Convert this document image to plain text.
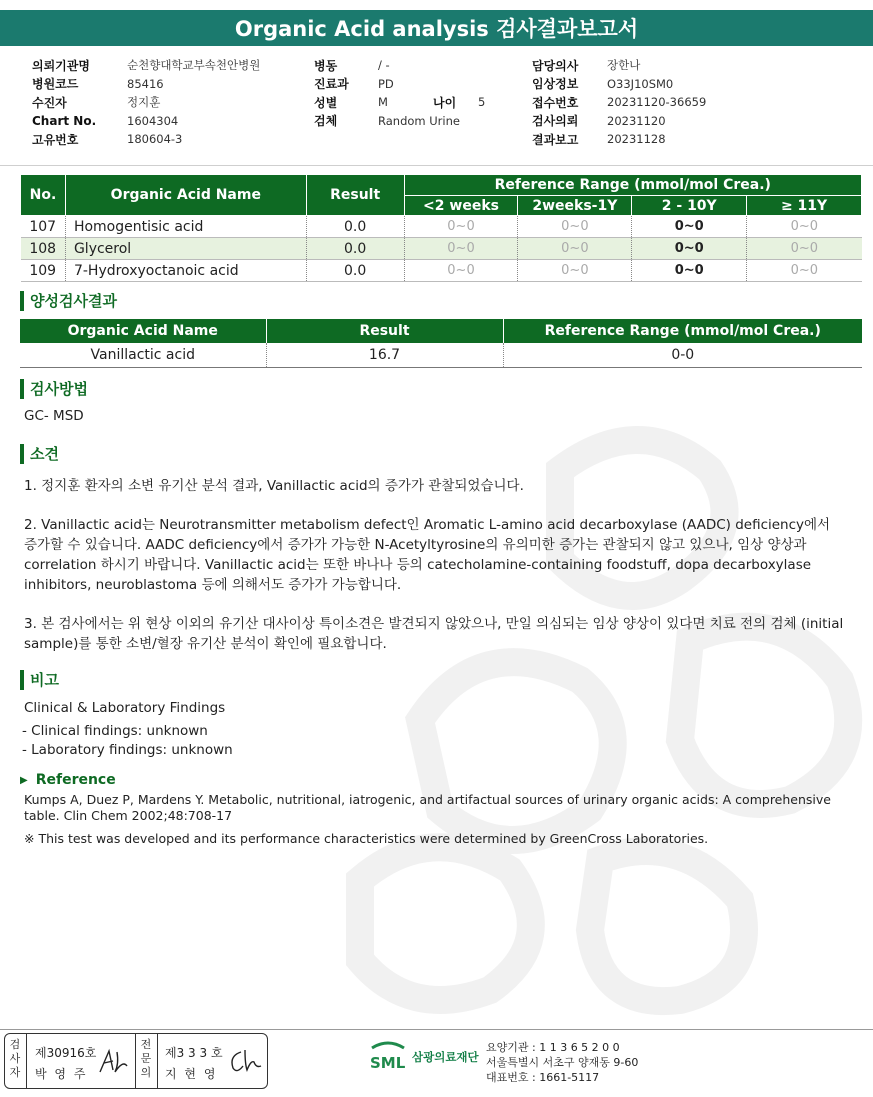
Organic Acid analysis 검사결과보고서
의뢰기관명	순천향대학교부속천안병원
병원코드	85416
수진자	정지훈
Chart No.	1604304
고유번호	180604-3
병동	/ -
진료과	PD
성별	M	나이	5
검체	Random Urine
담당의사	장한나
임상정보	O33J10SM0
접수번호	20231120-36659
검사의뢰	20231120
결과보고	20231128
No.	Organic Acid Name	Result	Reference Range (mmol/mol Crea.)			
			<2 weeks	2weeks-1Y	2 - 10Y	≥ 11Y
107	Homogentisic acid	0.0	0~0	0~0	0~0	0~0
108	Glycerol	0.0	0~0	0~0	0~0	0~0
109	7-Hydroxyoctanoic acid	0.0	0~0	0~0	0~0	0~0
양성검사결과
Organic Acid Name	Result	Reference Range (mmol/mol Crea.)
Vanillactic acid	16.7	0-0
검사방법
GC- MSD
소견
1. 정지훈 환자의 소변 유기산 분석 결과, Vanillactic acid의 증가가 관찰되었습니다.
2. Vanillactic acid는 Neurotransmitter metabolism defect인 Aromatic L-amino acid decarboxylase (AADC) deficiency에서 증가할 수 있습니다. AADC deficiency에서 증가가 가능한 N-Acetyltyrosine의 유의미한 증가는 관찰되지 않고 있으나, 임상 양상과 correlation 하시기 바랍니다. Vanillactic acid는 또한 바나나 등의 catecholamine-containing foodstuff, dopa decarboxylase inhibitors, neuroblastoma 등에 의해서도 증가가 가능합니다.
3. 본 검사에서는 위 현상 이외의 유기산 대사이상 특이소견은 발견되지 않았으나, 만일 의심되는 임상 양상이 있다면 치료 전의 검체 (initial sample)를 통한 소변/혈장 유기산 분석이 확인에 필요합니다.
비고
Clinical & Laboratory Findings
- Clinical findings: unknown
- Laboratory findings: unknown
▶ Reference
Kumps A, Duez P, Mardens Y. Metabolic, nutritional, iatrogenic, and artifactual sources of urinary organic acids: A comprehensive table. Clin Chem 2002;48:708-17
※ This test was developed and its performance characteristics were determined by GreenCross Laboratories.
검사자
제30916호
박 영 주
전문의
제3 3 3 호
지 현 영
SML 삼광의료재단
요양기관 : 1 1 3 6 5 2 0 0
서울특별시 서초구 양재동 9-60
대표번호 : 1661-5117
